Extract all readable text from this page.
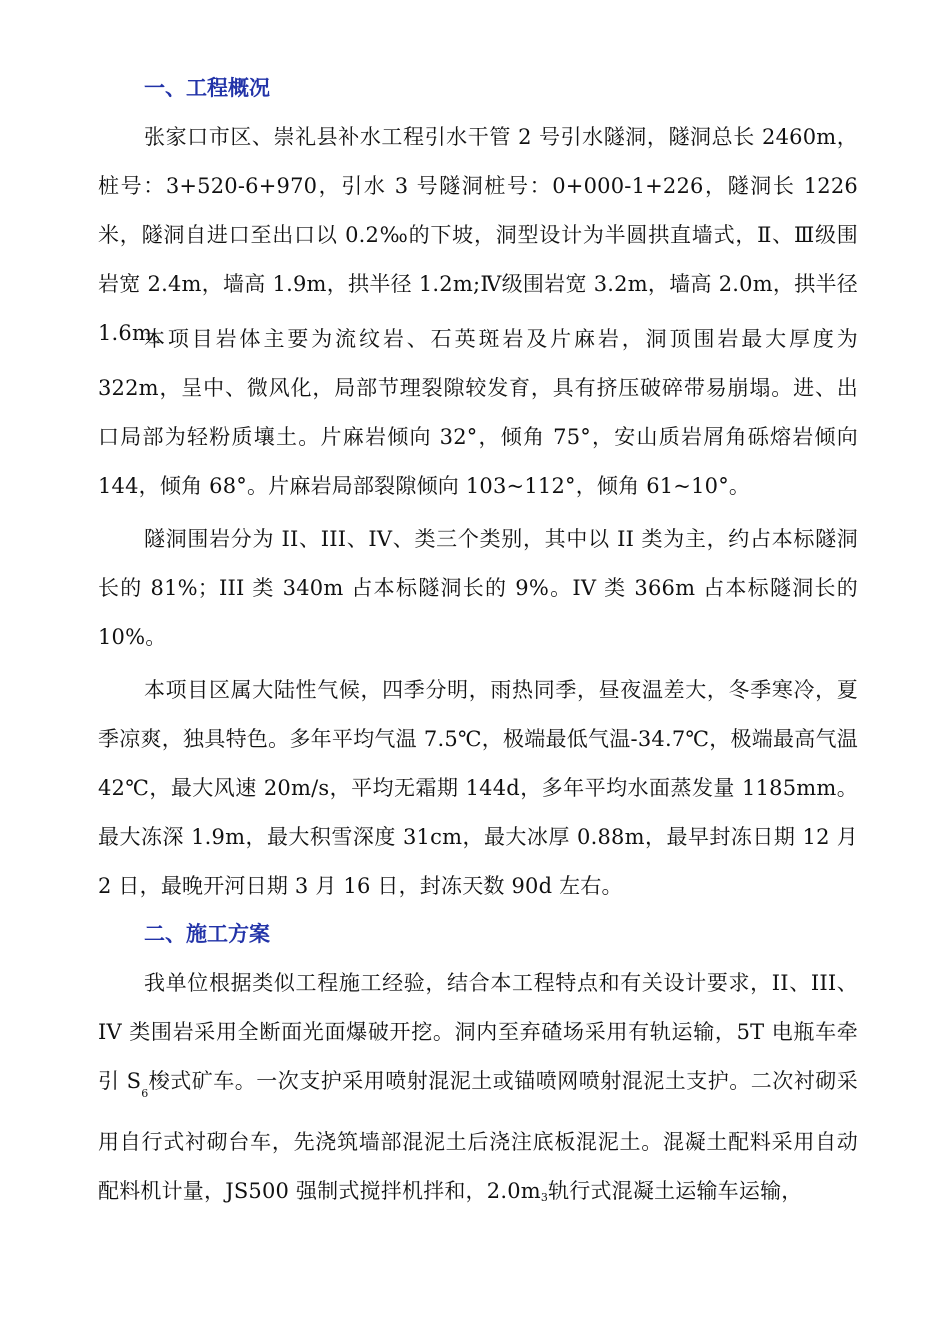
一、工程概况

张家口市区、崇礼县补水工程引水干管 2 号引水隧洞，隧洞总长 2460m，桩号：3+520-6+970，引水 3 号隧洞桩号：0+000-1+226，隧洞长 1226 米，隧洞自进口至出口以 0.2‰的下坡，洞型设计为半圆拱直墙式，Ⅱ、Ⅲ级围岩宽 2.4m，墙高 1.9m，拱半径 1.2m;Ⅳ级围岩宽 3.2m，墙高 2.0m，拱半径 1.6m。

本项目岩体主要为流纹岩、石英斑岩及片麻岩，洞顶围岩最大厚度为 322m，呈中、微风化，局部节理裂隙较发育，具有挤压破碎带易崩塌。进、出口局部为轻粉质壤土。片麻岩倾向 32°，倾角 75°，安山质岩屑角砾熔岩倾向 144，倾角 68°。片麻岩局部裂隙倾向 103~112°，倾角 61~10°。

隧洞围岩分为 II、III、IV、类三个类别，其中以 II 类为主，约占本标隧洞长的 81%；III 类 340m 占本标隧洞长的 9%。IV 类 366m 占本标隧洞长的 10%。

本项目区属大陆性气候，四季分明，雨热同季，昼夜温差大，冬季寒冷，夏季凉爽，独具特色。多年平均气温 7.5℃，极端最低气温-34.7℃，极端最高气温 42℃，最大风速 20m/s，平均无霜期 144d，多年平均水面蒸发量 1185mm。最大冻深 1.9m，最大积雪深度 31cm，最大冰厚 0.88m，最早封冻日期 12 月 2 日，最晚开河日期 3 月 16 日，封冻天数 90d 左右。

二、施工方案

我单位根据类似工程施工经验，结合本工程特点和有关设计要求，II、III、IV 类围岩采用全断面光面爆破开挖。洞内至弃碴场采用有轨运输，5T 电瓶车牵引 $S_6$梭式矿车。一次支护采用喷射混泥土或锚喷网喷射混泥土支护。二次衬砌采用自行式衬砌台车，先浇筑墙部混泥土后浇注底板混泥土。混凝土配料采用自动配料机计量，JS500 强制式搅拌机拌和，2.0m3轨行式混凝土运输车运输，
